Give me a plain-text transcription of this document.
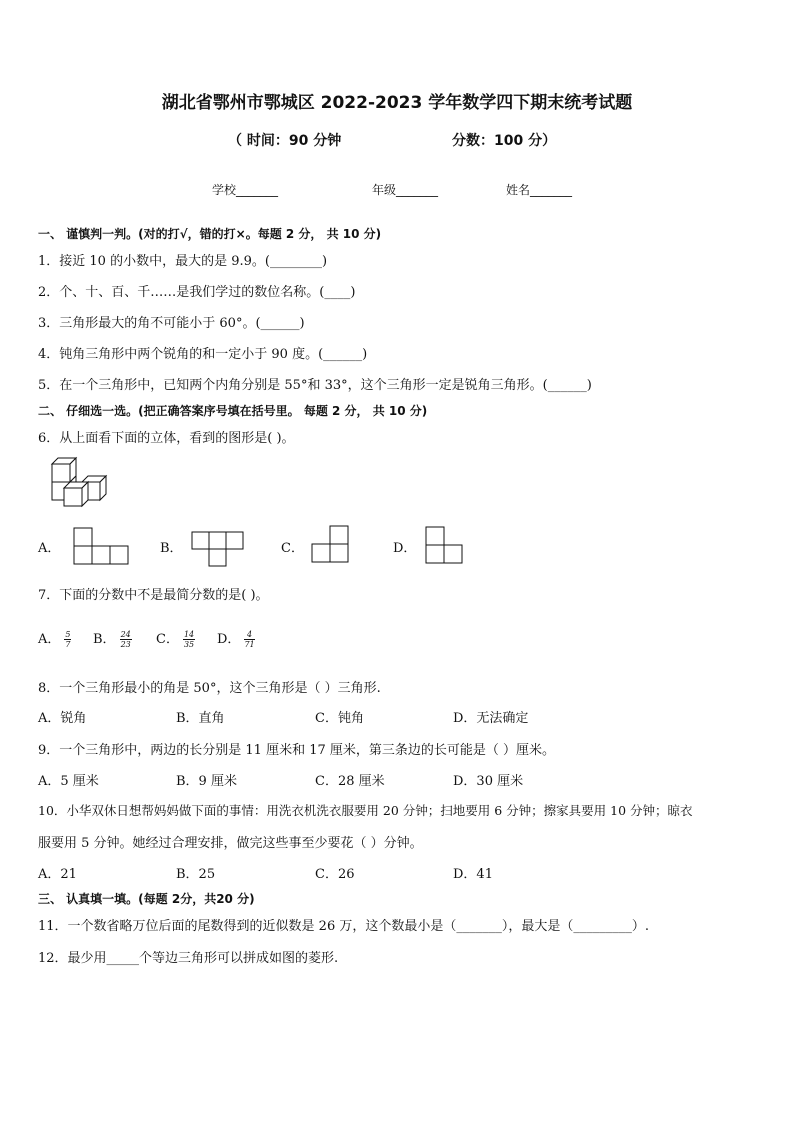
湖北省鄂州市鄂城区 2022-2023 学年数学四下期末统考试题
（ 时间：90 分钟	分数：100 分）
学校_______	年级_______	姓名_______
一、 谨慎判一判。(对的打√，错的打×。每题 2 分， 共 10 分)
1．接近 10 的小数中，最大的是 9.9。(________)
2．个、十、百、千……是我们学过的数位名称。(____)
3．三角形最大的角不可能小于 60°。(______)
4．钝角三角形中两个锐角的和一定小于 90 度。(______)
5．在一个三角形中，已知两个内角分别是 55°和 33°，这个三角形一定是锐角三角形。(______)
二、 仔细选一选。(把正确答案序号填在括号里。 每题 2 分， 共 10 分)
6．从上面看下面的立体，看到的图形是( )。
A．	B．	C．	D．
7．下面的分数中不是最简分数的是( )。
A． $\frac{5}{7}$ B． $\frac{24}{23}$ C． $\frac{14}{35}$ D． $\frac{4}{71}$
8．一个三角形最小的角是 50°，这个三角形是（ ）三角形.
A．锐角	B．直角	C．钝角	D．无法确定
9．一个三角形中，两边的长分别是 11 厘米和 17 厘米，第三条边的长可能是（ ）厘米。
A．5 厘米	B．9 厘米	C．28 厘米	D．30 厘米
10．小华双休日想帮妈妈做下面的事情：用洗衣机洗衣服要用 20 分钟；扫地要用 6 分钟；擦家具要用 10 分钟；晾衣
服要用 5 分钟。她经过合理安排，做完这些事至少要花（ ）分钟。
A．21	B．25	C．26	D．41
三、 认真填一填。(每题 2分，共20 分)
11．一个数省略万位后面的尾数得到的近似数是 26 万，这个数最小是（_______），最大是（_________）.
12．最少用_____个等边三角形可以拼成如图的菱形.
